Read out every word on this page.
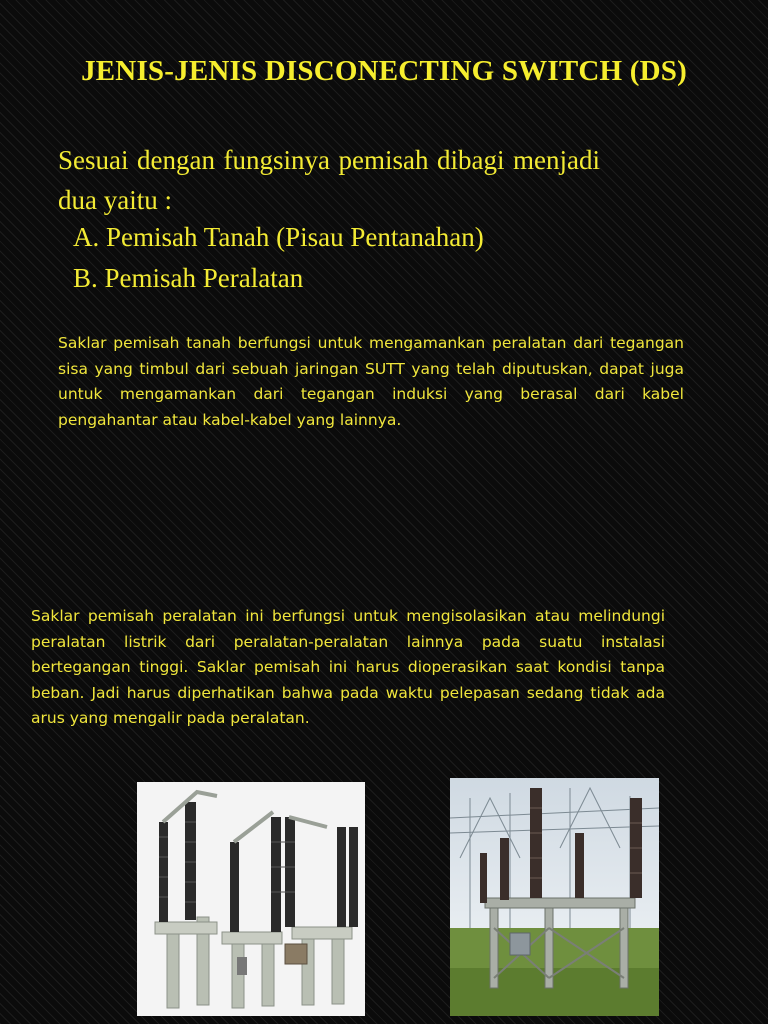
JENIS-JENIS DISCONECTING SWITCH (DS)
Sesuai dengan fungsinya pemisah dibagi menjadi dua yaitu :
A. Pemisah Tanah (Pisau Pentanahan)
B. Pemisah Peralatan
Saklar pemisah tanah berfungsi untuk mengamankan peralatan dari tegangan sisa yang timbul dari sebuah jaringan SUTT yang telah diputuskan, dapat juga untuk mengamankan dari tegangan induksi yang berasal dari kabel pengahantar atau kabel-kabel yang lainnya.
Saklar pemisah peralatan ini berfungsi untuk mengisolasikan atau melindungi peralatan listrik dari peralatan-peralatan lainnya pada suatu instalasi bertegangan tinggi. Saklar pemisah ini harus dioperasikan saat kondisi tanpa beban. Jadi harus diperhatikan bahwa pada waktu pelepasan sedang tidak ada arus yang mengalir pada peralatan.
